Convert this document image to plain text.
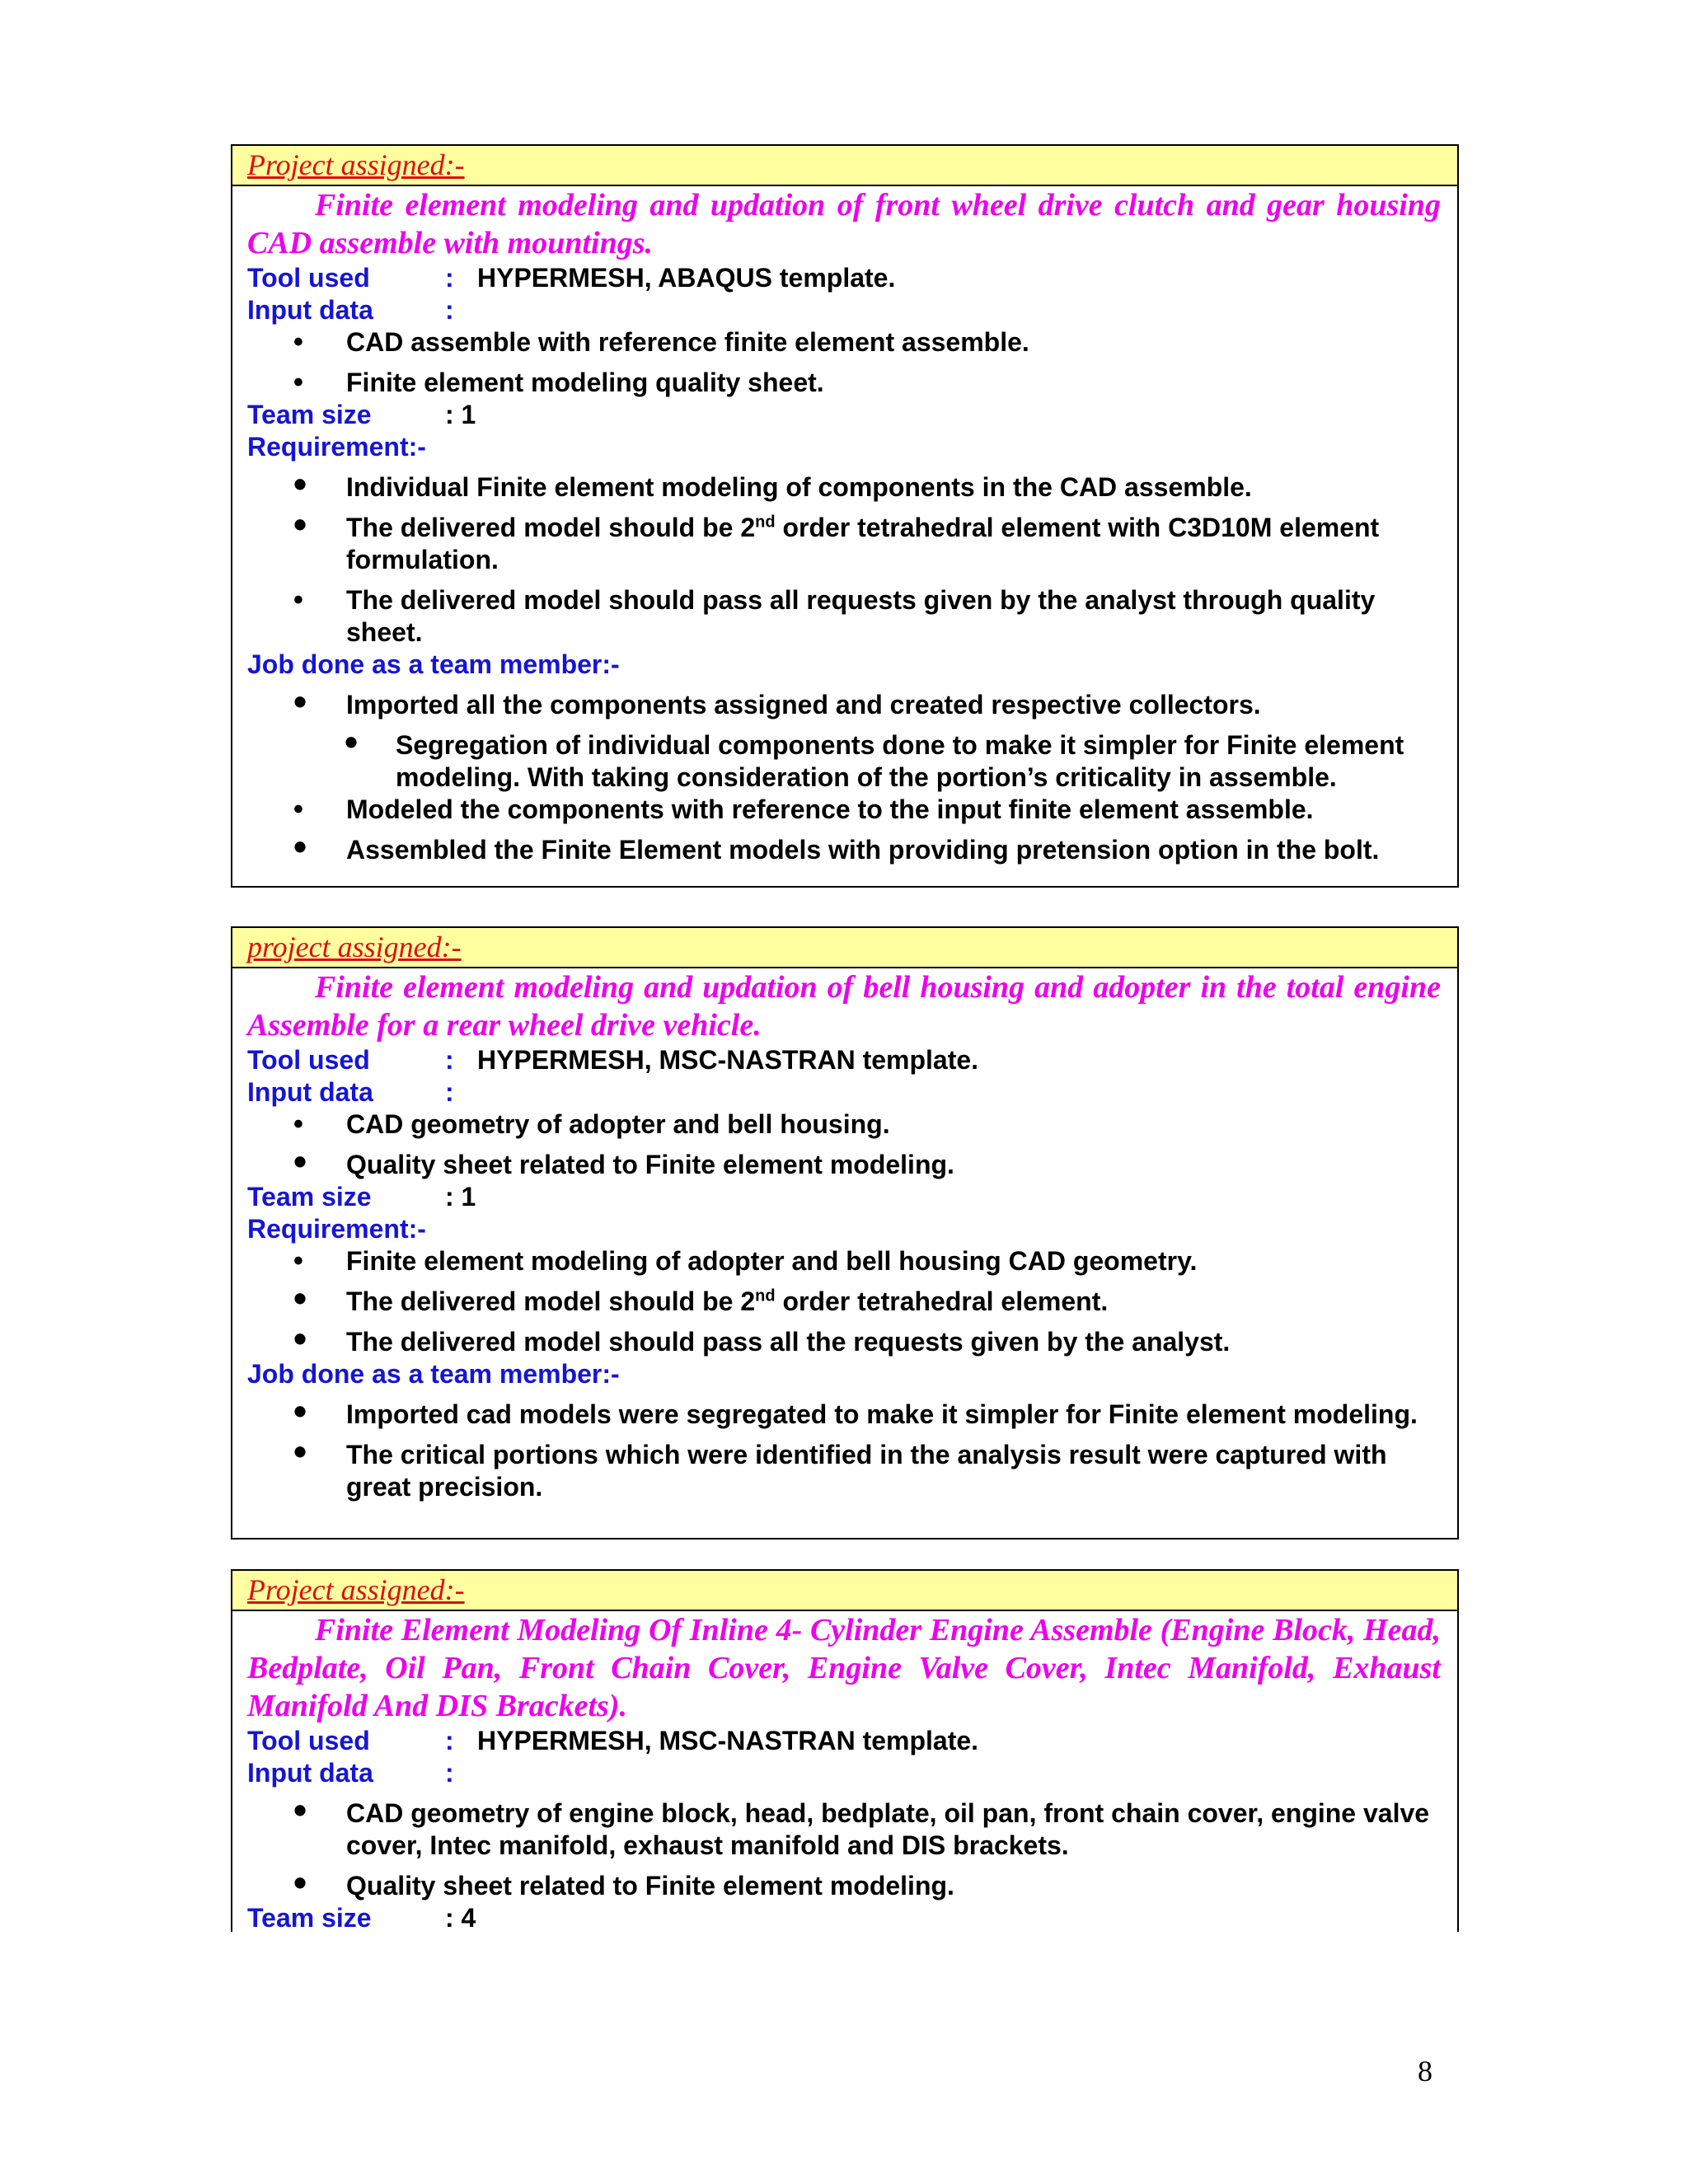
Project assigned:-

Finite element modeling and updation of front wheel drive clutch and gear housing CAD assemble with mountings.

Tool used	: HYPERMESH, ABAQUS template.
Input data	:
• CAD assemble with reference finite element assemble.
• Finite element modeling quality sheet.
Team size	: 1
Requirement:-
• Individual Finite element modeling of components in the CAD assemble.
• The delivered model should be 2nd order tetrahedral element with C3D10M element formulation.
• The delivered model should pass all requests given by the analyst through quality sheet.
Job done as a team member:-
• Imported all the components assigned and created respective collectors.
• Segregation of individual components done to make it simpler for Finite element modeling. With taking consideration of the portion’s criticality in assemble.
• Modeled the components with reference to the input finite element assemble.
• Assembled the Finite Element models with providing pretension option in the bolt.
project assigned:-

Finite element modeling and updation of bell housing and adopter in the total engine Assemble for a rear wheel drive vehicle.

Tool used	: HYPERMESH, MSC-NASTRAN template.
Input data	:
• CAD geometry of adopter and bell housing.
• Quality sheet related to Finite element modeling.
Team size	: 1
Requirement:-
• Finite element modeling of adopter and bell housing CAD geometry.
• The delivered model should be 2nd order tetrahedral element.
• The delivered model should pass all the requests given by the analyst.
Job done as a team member:-
• Imported cad models were segregated to make it simpler for Finite element modeling.
• The critical portions which were identified in the analysis result were captured with great precision.
Project assigned:-

Finite Element Modeling Of Inline 4- Cylinder Engine Assemble (Engine Block, Head, Bedplate, Oil Pan, Front Chain Cover, Engine Valve Cover, Intec Manifold, Exhaust Manifold And DIS Brackets).

Tool used	: HYPERMESH, MSC-NASTRAN template.
Input data	:
• CAD geometry of engine block, head, bedplate, oil pan, front chain cover, engine valve cover, Intec manifold, exhaust manifold and DIS brackets.
• Quality sheet related to Finite element modeling.
Team size	: 4
8
